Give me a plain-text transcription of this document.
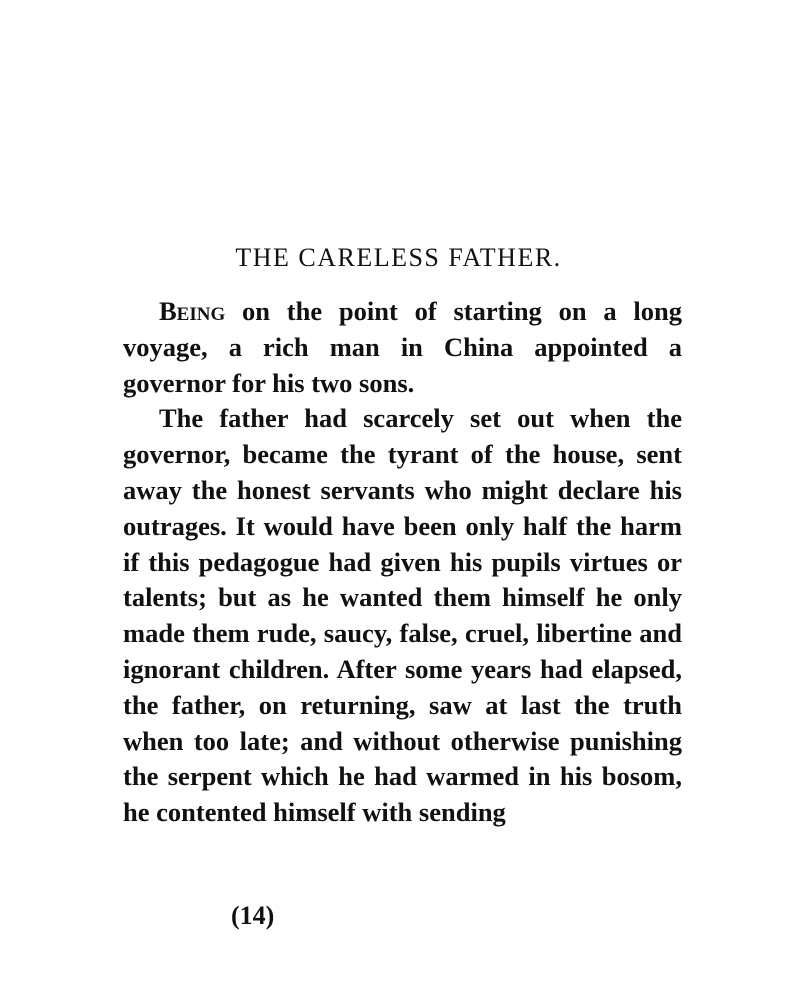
THE CARELESS FATHER.

Being on the point of starting on a long voyage, a rich man in China appointed a governor for his two sons.

The father had scarcely set out when the governor, became the tyrant of the house, sent away the honest servants who might declare his outrages. It would have been only half the harm if this pedagogue had given his pupils virtues or talents; but as he wanted them himself he only made them rude, saucy, false, cruel, libertine and ignorant children. After some years had elapsed, the father, on returning, saw at last the truth when too late; and without otherwise punishing the serpent which he had warmed in his bosom, he contented himself with sending

(14)
